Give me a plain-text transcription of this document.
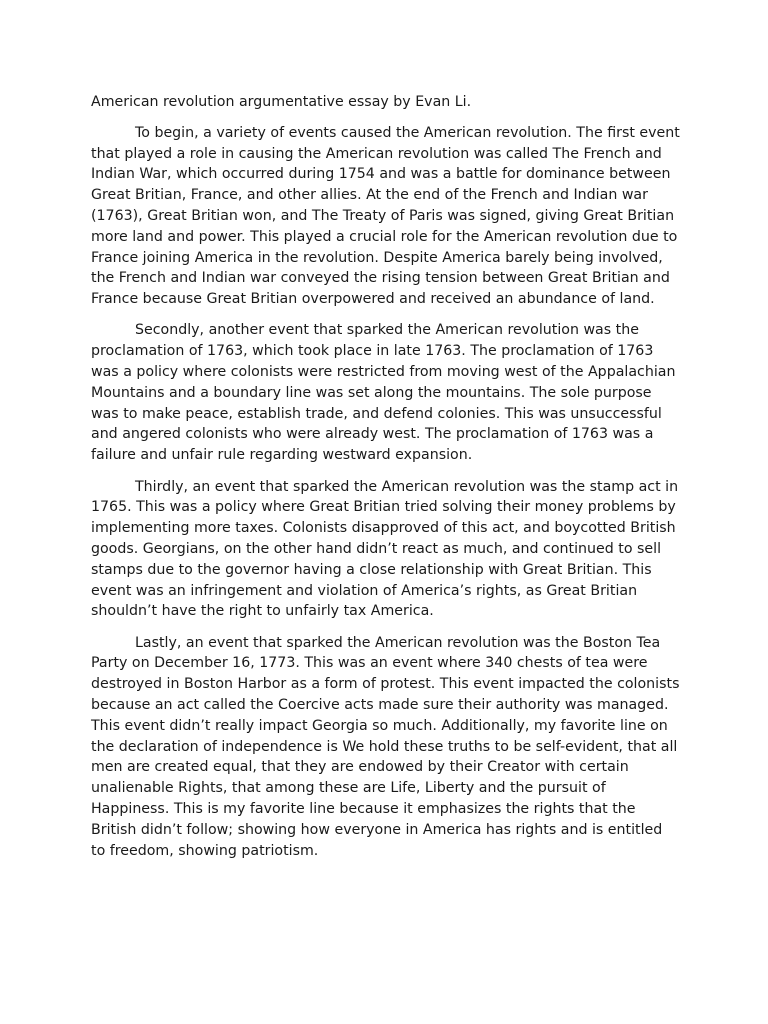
American revolution argumentative essay by Evan Li.

To begin, a variety of events caused the American revolution. The first event that played a role in causing the American revolution was called The French and Indian War, which occurred during 1754 and was a battle for dominance between Great Britian, France, and other allies. At the end of the French and Indian war (1763), Great Britian won, and The Treaty of Paris was signed, giving Great Britian more land and power. This played a crucial role for the American revolution due to France joining America in the revolution. Despite America barely being involved, the French and Indian war conveyed the rising tension between Great Britian and France because Great Britian overpowered and received an abundance of land.

Secondly, another event that sparked the American revolution was the proclamation of 1763, which took place in late 1763. The proclamation of 1763 was a policy where colonists were restricted from moving west of the Appalachian Mountains and a boundary line was set along the mountains. The sole purpose was to make peace, establish trade, and defend colonies. This was unsuccessful and angered colonists who were already west. The proclamation of 1763 was a failure and unfair rule regarding westward expansion.

Thirdly, an event that sparked the American revolution was the stamp act in 1765. This was a policy where Great Britian tried solving their money problems by implementing more taxes. Colonists disapproved of this act, and boycotted British goods. Georgians, on the other hand didn’t react as much, and continued to sell stamps due to the governor having a close relationship with Great Britian. This event was an infringement and violation of America’s rights, as Great Britian shouldn’t have the right to unfairly tax America.

Lastly, an event that sparked the American revolution was the Boston Tea Party on December 16, 1773. This was an event where 340 chests of tea were destroyed in Boston Harbor as a form of protest. This event impacted the colonists because an act called the Coercive acts made sure their authority was managed. This event didn’t really impact Georgia so much. Additionally, my favorite line on the declaration of independence is We hold these truths to be self-evident, that all men are created equal, that they are endowed by their Creator with certain unalienable Rights, that among these are Life, Liberty and the pursuit of Happiness. This is my favorite line because it emphasizes the rights that the British didn’t follow; showing how everyone in America has rights and is entitled to freedom, showing patriotism.
